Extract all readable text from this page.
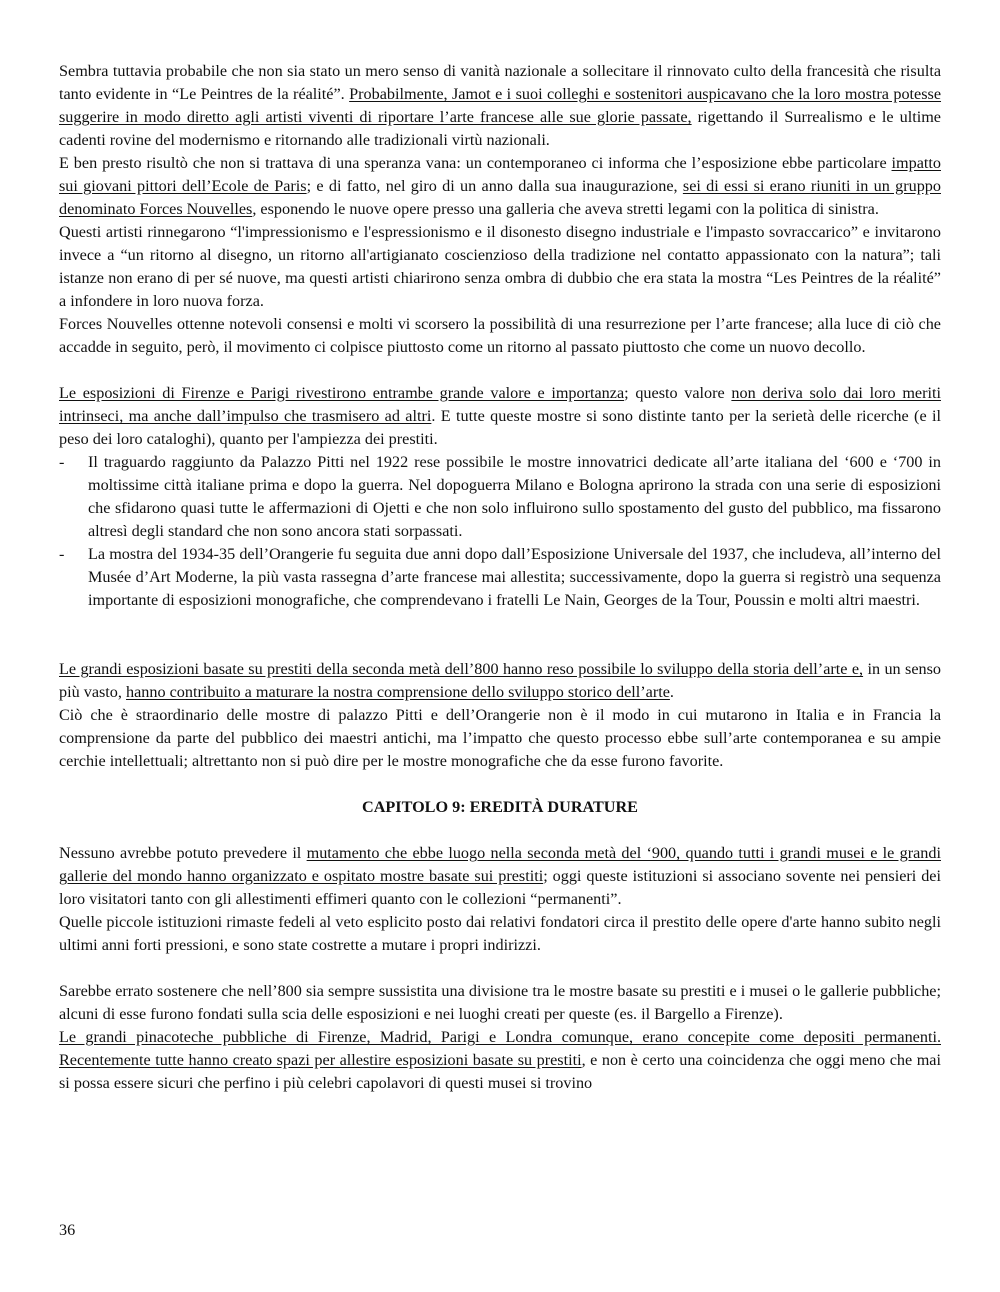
Sembra tuttavia probabile che non sia stato un mero senso di vanità nazionale a sollecitare il rinnovato culto della francesità che risulta tanto evidente in “Le Peintres de la réalité”. Probabilmente, Jamot e i suoi colleghi e sostenitori auspicavano che la loro mostra potesse suggerire in modo diretto agli artisti viventi di riportare l’arte francese alle sue glorie passate, rigettando il Surrealismo e le ultime cadenti rovine del modernismo e ritornando alle tradizionali virtù nazionali.

E ben presto risultò che non si trattava di una speranza vana: un contemporaneo ci informa che l’esposizione ebbe particolare impatto sui giovani pittori dell’Ecole de Paris; e di fatto, nel giro di un anno dalla sua inaugurazione, sei di essi si erano riuniti in un gruppo denominato Forces Nouvelles, esponendo le nuove opere presso una galleria che aveva stretti legami con la politica di sinistra.

Questi artisti rinnegarono “l'impressionismo e l'espressionismo e il disonesto disegno industriale e l'impasto sovraccarico” e invitarono invece a “un ritorno al disegno, un ritorno all'artigianato coscienzioso della tradizione nel contatto appassionato con la natura”; tali istanze non erano di per sé nuove, ma questi artisti chiarirono senza ombra di dubbio che era stata la mostra “Les Peintres de la réalité” a infondere in loro nuova forza.

Forces Nouvelles ottenne notevoli consensi e molti vi scorsero la possibilità di una resurrezione per l’arte francese; alla luce di ciò che accadde in seguito, però, il movimento ci colpisce piuttosto come un ritorno al passato piuttosto che come un nuovo decollo.

Le esposizioni di Firenze e Parigi rivestirono entrambe grande valore e importanza; questo valore non deriva solo dai loro meriti intrinseci, ma anche dall’impulso che trasmisero ad altri. E tutte queste mostre si sono distinte tanto per la serietà delle ricerche (e il peso dei loro cataloghi), quanto per l'ampiezza dei prestiti.

- Il traguardo raggiunto da Palazzo Pitti nel 1922 rese possibile le mostre innovatrici dedicate all’arte italiana del ‘600 e ‘700 in moltissime città italiane prima e dopo la guerra. Nel dopoguerra Milano e Bologna aprirono la strada con una serie di esposizioni che sfidarono quasi tutte le affermazioni di Ojetti e che non solo influirono sullo spostamento del gusto del pubblico, ma fissarono altresì degli standard che non sono ancora stati sorpassati.
- La mostra del 1934-35 dell’Orangerie fu seguita due anni dopo dall’Esposizione Universale del 1937, che includeva, all’interno del Musée d’Art Moderne, la più vasta rassegna d’arte francese mai allestita; successivamente, dopo la guerra si registrò una sequenza importante di esposizioni monografiche, che comprendevano i fratelli Le Nain, Georges de la Tour, Poussin e molti altri maestri.

Le grandi esposizioni basate su prestiti della seconda metà dell’800 hanno reso possibile lo sviluppo della storia dell’arte e, in un senso più vasto, hanno contribuito a maturare la nostra comprensione dello sviluppo storico dell’arte.

Ciò che è straordinario delle mostre di palazzo Pitti e dell’Orangerie non è il modo in cui mutarono in Italia e in Francia la comprensione da parte del pubblico dei maestri antichi, ma l’impatto che questo processo ebbe sull’arte contemporanea e su ampie cerchie intellettuali; altrettanto non si può dire per le mostre monografiche che da esse furono favorite.

CAPITOLO 9: EREDITÀ DURATURE

Nessuno avrebbe potuto prevedere il mutamento che ebbe luogo nella seconda metà del ‘900, quando tutti i grandi musei e le grandi gallerie del mondo hanno organizzato e ospitato mostre basate sui prestiti; oggi queste istituzioni si associano sovente nei pensieri dei loro visitatori tanto con gli allestimenti effimeri quanto con le collezioni “permanenti”.

Quelle piccole istituzioni rimaste fedeli al veto esplicito posto dai relativi fondatori circa il prestito delle opere d'arte hanno subito negli ultimi anni forti pressioni, e sono state costrette a mutare i propri indirizzi.

Sarebbe errato sostenere che nell’800 sia sempre sussistita una divisione tra le mostre basate su prestiti e i musei o le gallerie pubbliche; alcuni di esse furono fondati sulla scia delle esposizioni e nei luoghi creati per queste (es. il Bargello a Firenze).

Le grandi pinacoteche pubbliche di Firenze, Madrid, Parigi e Londra comunque, erano concepite come depositi permanenti. Recentemente tutte hanno creato spazi per allestire esposizioni basate su prestiti, e non è certo una coincidenza che oggi meno che mai si possa essere sicuri che perfino i più celebri capolavori di questi musei si trovino

36
